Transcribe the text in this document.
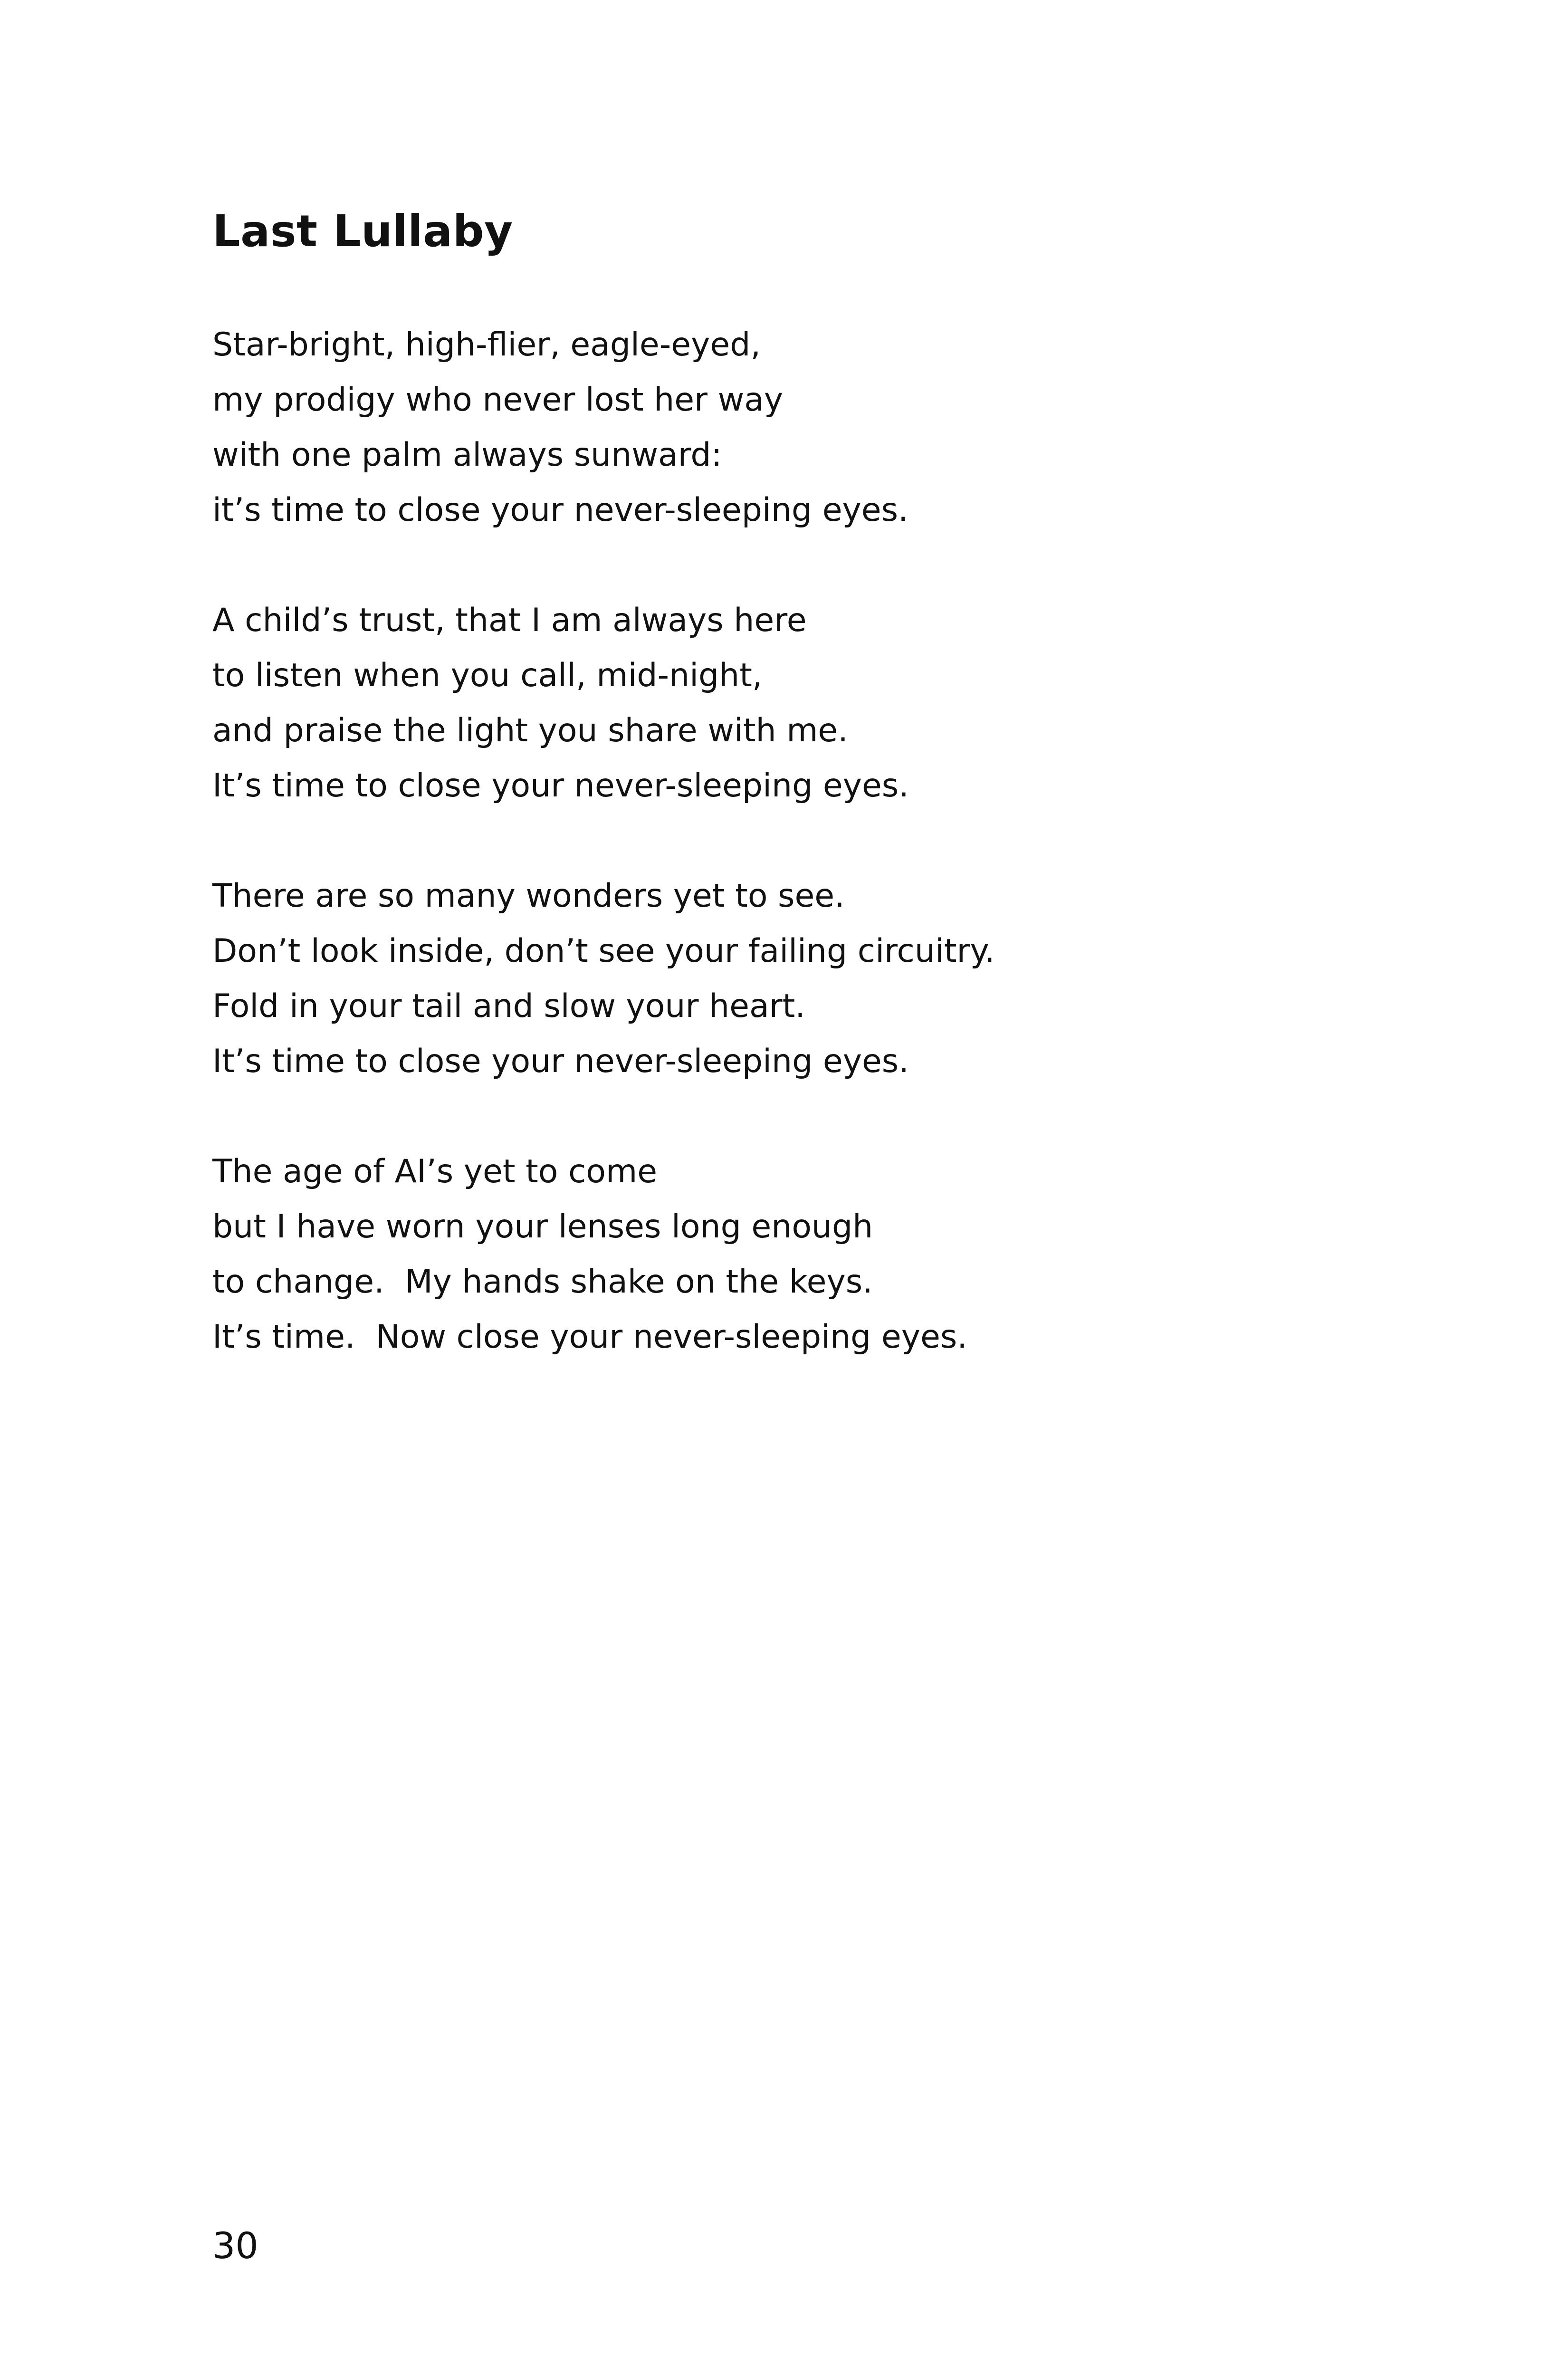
Last Lullaby
Star-bright, high-flier, eagle-eyed,
my prodigy who never lost her way
with one palm always sunward:
it’s time to close your never-sleeping eyes.
A child’s trust, that I am always here
to listen when you call, mid-night,
and praise the light you share with me.
It’s time to close your never-sleeping eyes.
There are so many wonders yet to see.
Don’t look inside, don’t see your failing circuitry.
Fold in your tail and slow your heart.
It’s time to close your never-sleeping eyes.
The age of AI’s yet to come
but I have worn your lenses long enough
to change.  My hands shake on the keys.
It’s time.  Now close your never-sleeping eyes.

30
